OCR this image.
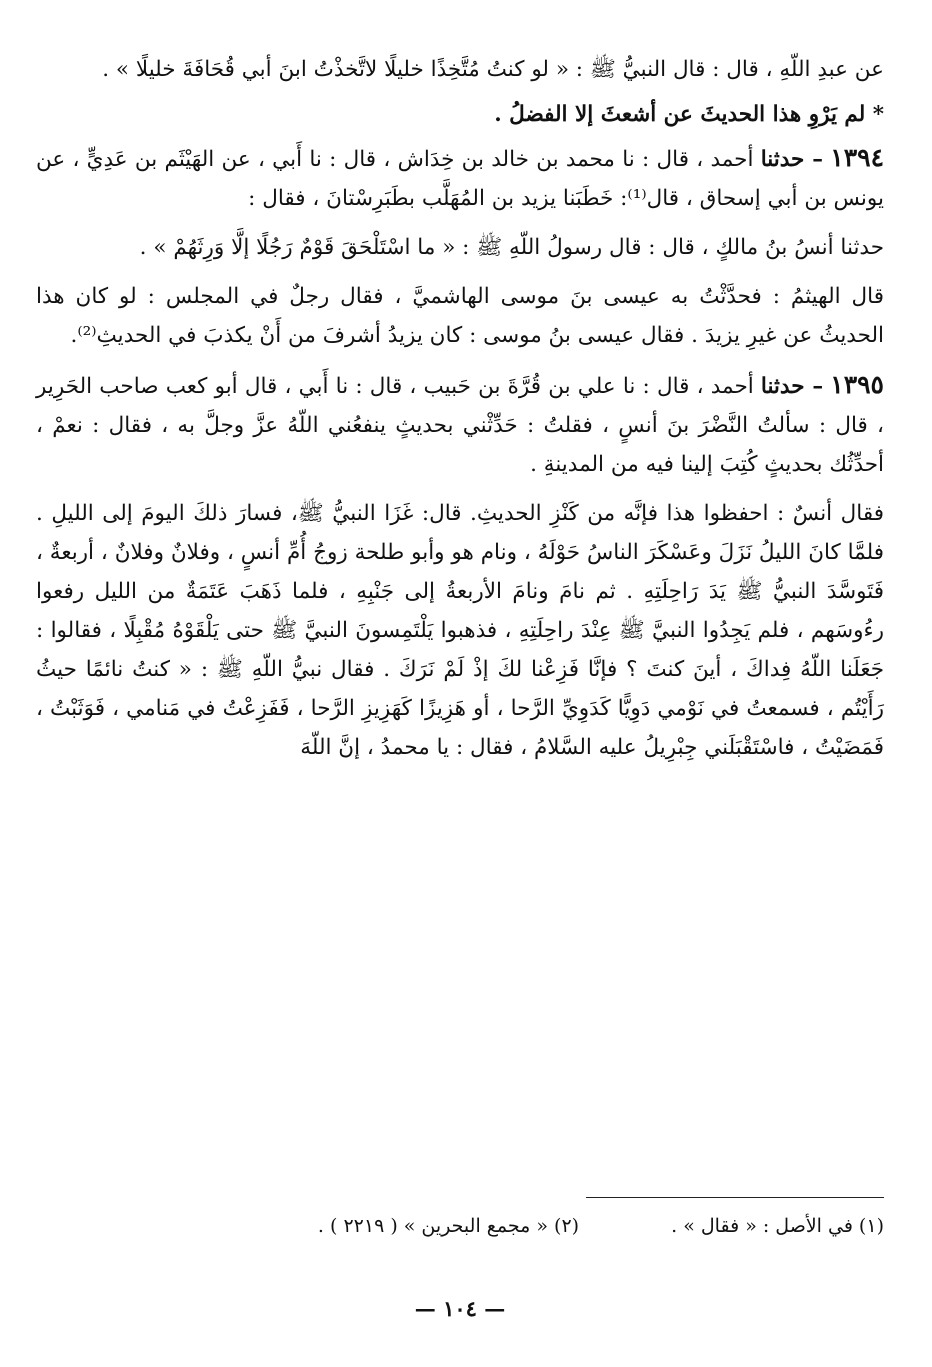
عن عبدِ اللّهِ ، قال : قال النبيُّ ﷺ : « لو كنتُ مُتَّخِذًا خليلًا لاتَّخذْتُ ابنَ أبي قُحَافَةَ خليلًا » .

* لم يَرْوِ هذا الحديثَ عن أشعثَ إلا الفضلُ .

١٣٩٤ – حدثنا أحمد ، قال : نا محمد بن خالد بن خِدَاش ، قال : نا أَبي ، عن الهَيْثَم بن عَدِيٍّ ، عن يونس بن أبي إسحاق ، قال⁽¹⁾: خَطَبَنا يزيد بن المُهَلَّب بطَبَرِسْتانَ ، فقال :

حدثنا أنسُ بنُ مالكٍ ، قال : قال رسولُ اللّهِ ﷺ : « ما اسْتَلْحَقَ قَوْمٌ رَجُلًا إلَّا وَرِثَهُمْ » .

قال الهيثمُ : فحدَّثْتُ به عيسى بنَ موسى الهاشميَّ ، فقال رجلٌ في المجلس : لو كان هذا الحديثُ عن غيرِ يزيدَ . فقال عيسى بنُ موسى : كان يزيدُ أشرفَ من أَنْ يكذبَ في الحديثِ⁽²⁾.

١٣٩٥ – حدثنا أحمد ، قال : نا علي بن قُرَّةَ بن حَبيب ، قال : نا أَبي ، قال أبو كعب صاحب الحَرِير ، قال : سألتُ النَّضْرَ بنَ أنسٍ ، فقلتُ : حَدِّثْني بحديثٍ ينفعُني اللّهُ عزَّ وجلَّ به ، فقال : نعمْ ، أحدِّثُك بحديثٍ كُتِبَ إلينا فيه من المدينةِ .

فقال أنسٌ : احفظوا هذا فإنَّه من كَنْزِ الحديثِ. قال: غَزَا النبيُّ ﷺ، فسارَ ذلكَ اليومَ إلى الليلِ . فلمَّا كانَ الليلُ نَزَلَ وعَسْكَرَ الناسُ حَوْلَهُ ، ونام هو وأبو طلحة زوجُ أُمِّ أنسٍ ، وفلانٌ وفلانٌ ، أربعةٌ ، فَتَوسَّدَ النبيُّ ﷺ يَدَ رَاحِلَتِهِ . ثم نامَ ونامَ الأربعةُ إلى جَنْبِهِ ، فلما ذَهَبَ عَتَمَةٌ من الليل رفعوا رءُوسَهم ، فلم يَجِدُوا النبيَّ ﷺ عِنْدَ راحِلَتِهِ ، فذهبوا يَلْتَمِسونَ النبيَّ ﷺ حتى يَلْقَوْهُ مُقْبِلًا ، فقالوا : جَعَلَنا اللّهُ فِداكَ ، أينَ كنتَ ؟ فإنَّا فَزِعْنا لكَ إذْ لَمْ نَرَكَ . فقال نبيُّ اللّهِ ﷺ : « كنتُ نائمًا حيثُ رَأَيْتُم ، فسمعتُ في نَوْمي دَوِيًّا كَدَوِيِّ الرَّحا ، أو هَزِيزًا كَهَزِيزِ الرَّحا ، فَفَزِعْتُ في مَنامي ، فَوَثَبْتُ ، فَمَضَيْتُ ، فاسْتَقْبَلَني جِبْرِيلُ عليه السَّلامُ ، فقال : يا محمدُ ، إنَّ اللّهَ

(١) في الأصل : « فقال » . (٢) « مجمع البحرين » ( ٢٢١٩ ) .
— ١٠٤ —
